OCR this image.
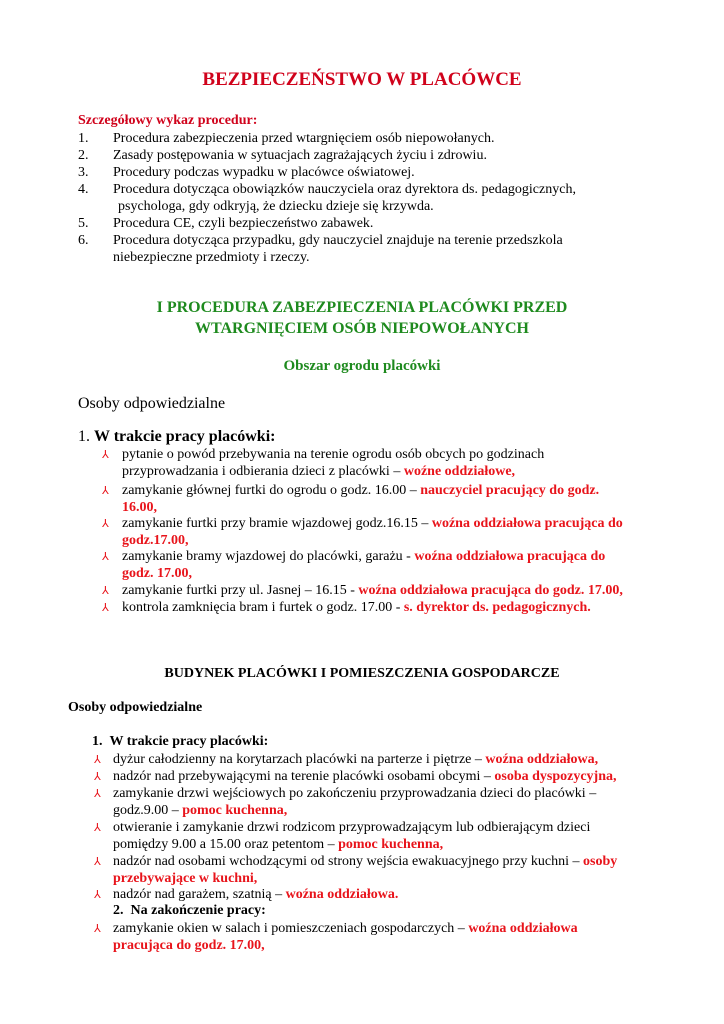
BEZPIECZEŃSTWO W PLACÓWCE
Szczegółowy wykaz procedur:
1. Procedura zabezpieczenia przed wtargnięciem osób niepowołanych.
2. Zasady postępowania w sytuacjach zagrażających życiu i zdrowiu.
3. Procedury podczas wypadku w placówce oświatowej.
4. Procedura dotycząca obowiązków nauczyciela oraz dyrektora ds. pedagogicznych,
psychologa, gdy odkryją, że dziecku dzieje się krzywda.
5. Procedura CE, czyli bezpieczeństwo zabawek.
6. Procedura dotycząca przypadku, gdy nauczyciel znajduje na terenie przedszkola
niebezpieczne przedmioty i rzeczy.
I PROCEDURA ZABEZPIECZENIA PLACÓWKI PRZED
WTARGNIĘCIEM OSÓB NIEPOWOŁANYCH
Obszar ogrodu placówki
Osoby odpowiedzialne
1. W trakcie pracy placówki:
⅄ pytanie o powód przebywania na terenie ogrodu osób obcych po godzinach
przyprowadzania i odbierania dzieci z placówki – woźne oddziałowe,
⅄ zamykanie głównej furtki do ogrodu o godz. 16.00 – nauczyciel pracujący do godz.
16.00,
⅄ zamykanie furtki przy bramie wjazdowej godz.16.15 – woźna oddziałowa pracująca do
godz.17.00,
⅄ zamykanie bramy wjazdowej do placówki, garażu - woźna oddziałowa pracująca do
godz. 17.00,
⅄ zamykanie furtki przy ul. Jasnej – 16.15 - woźna oddziałowa pracująca do godz. 17.00,
⅄ kontrola zamknięcia bram i furtek o godz. 17.00 - s. dyrektor ds. pedagogicznych.
BUDYNEK PLACÓWKI I POMIESZCZENIA GOSPODARCZE
Osoby odpowiedzialne
1. W trakcie pracy placówki:
⅄ dyżur całodzienny na korytarzach placówki na parterze i piętrze – woźna oddziałowa,
⅄ nadzór nad przebywającymi na terenie placówki osobami obcymi – osoba dyspozycyjna,
⅄ zamykanie drzwi wejściowych po zakończeniu przyprowadzania dzieci do placówki –
godz.9.00 – pomoc kuchenna,
⅄ otwieranie i zamykanie drzwi rodzicom przyprowadzającym lub odbierającym dzieci
pomiędzy 9.00 a 15.00 oraz petentom – pomoc kuchenna,
⅄ nadzór nad osobami wchodzącymi od strony wejścia ewakuacyjnego przy kuchni – osoby
przebywające w kuchni,
⅄ nadzór nad garażem, szatnią – woźna oddziałowa.
2. Na zakończenie pracy:
⅄ zamykanie okien w salach i pomieszczeniach gospodarczych – woźna oddziałowa
pracująca do godz. 17.00,
